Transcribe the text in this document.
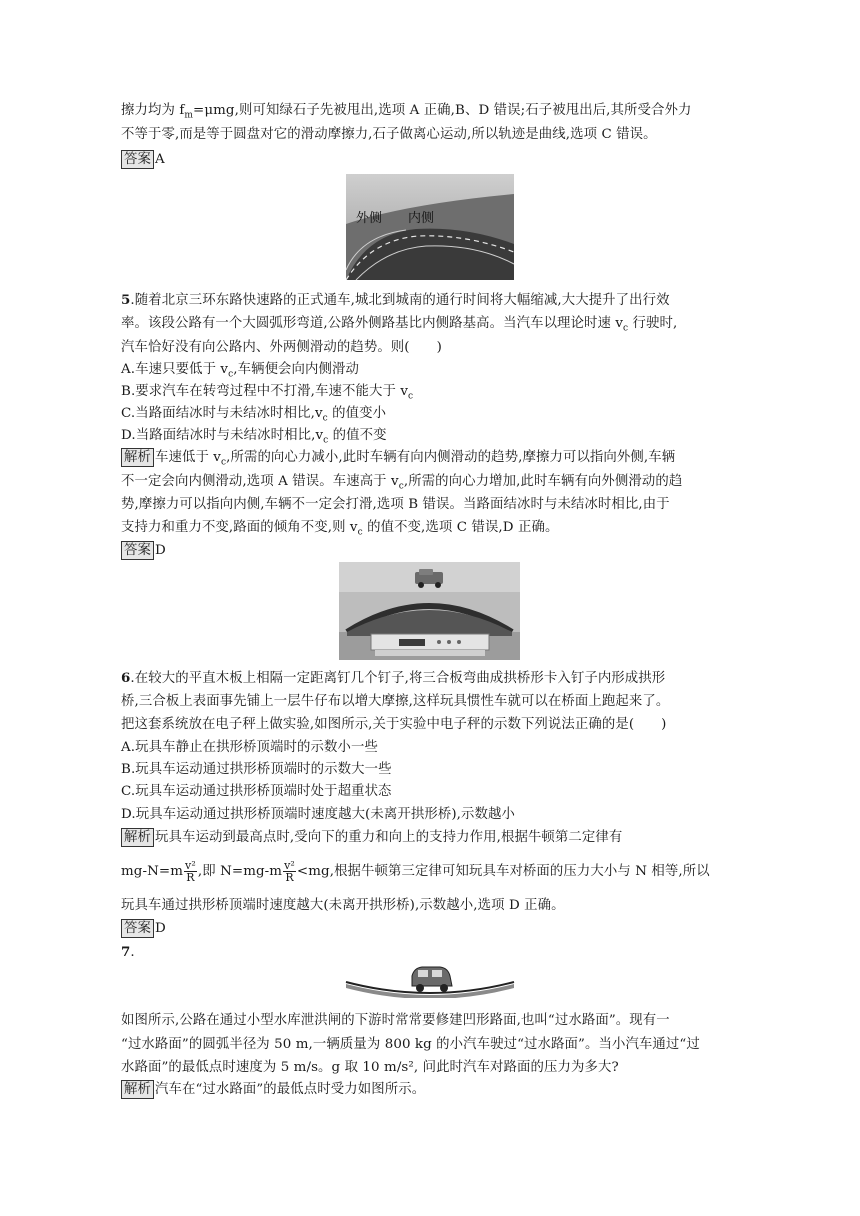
擦力均为 $f_m=\mu mg$,则可知绿石子先被甩出,选项 A 正确,B、D 错误;石子被甩出后,其所受合外力
不等于零,而是等于圆盘对它的滑动摩擦力,石子做离心运动,所以轨迹是曲线,选项 C 错误。
答案 A
外侧 内侧
5.随着北京三环东路快速路的正式通车,城北到城南的通行时间将大幅缩减,大大提升了出行效
率。该段公路有一个大圆弧形弯道,公路外侧路基比内侧路基高。当汽车以理论时速 $v_c$ 行驶时,
汽车恰好没有向公路内、外两侧滑动的趋势。则(　　)
A.车速只要低于 $v_c$,车辆便会向内侧滑动
B.要求汽车在转弯过程中不打滑,车速不能大于 $v_c$
C.当路面结冰时与未结冰时相比$,v_c$ 的值变小
D.当路面结冰时与未结冰时相比$,v_c$ 的值不变
解析 车速低于 $v_c$,所需的向心力减小,此时车辆有向内侧滑动的趋势,摩擦力可以指向外侧,车辆
不一定会向内侧滑动,选项 A 错误。车速高于 $v_c$,所需的向心力增加,此时车辆有向外侧滑动的趋
势,摩擦力可以指向内侧,车辆不一定会打滑,选项 B 错误。当路面结冰时与未结冰时相比,由于
支持力和重力不变,路面的倾角不变,则 $v_c$ 的值不变,选项 C 错误,D 正确。
答案 D
6.在较大的平直木板上相隔一定距离钉几个钉子,将三合板弯曲成拱桥形卡入钉子内形成拱形
桥,三合板上表面事先铺上一层牛仔布以增大摩擦,这样玩具惯性车就可以在桥面上跑起来了。
把这套系统放在电子秤上做实验,如图所示,关于实验中电子秤的示数下列说法正确的是(　　)
A.玩具车静止在拱形桥顶端时的示数小一些
B.玩具车运动通过拱形桥顶端时的示数大一些
C.玩具车运动通过拱形桥顶端时处于超重状态
D.玩具车运动通过拱形桥顶端时速度越大(未离开拱形桥),示数越小
解析 玩具车运动到最高点时,受向下的重力和向上的支持力作用,根据牛顿第二定律有
$mg-N=m \frac{\text{v²}}{R}$ ,即 $N=mg-m \frac{\text{v²}}{R} <mg$,根据牛顿第三定律可知玩具车对桥面的压力大小与 N 相等,所以
玩具车通过拱形桥顶端时速度越大(未离开拱形桥),示数越小,选项 D 正确。
答案 D
7.
如图所示,公路在通过小型水库泄洪闸的下游时常常要修建凹形路面,也叫“过水路面”。现有一
“过水路面”的圆弧半径为 50 m,一辆质量为 800 kg 的小汽车驶过“过水路面”。当小汽车通过“过
水路面”的最低点时速度为 5 m/s。g 取 10 m/s², 问此时汽车对路面的压力为多大?
解析 汽车在“过水路面”的最低点时受力如图所示。
